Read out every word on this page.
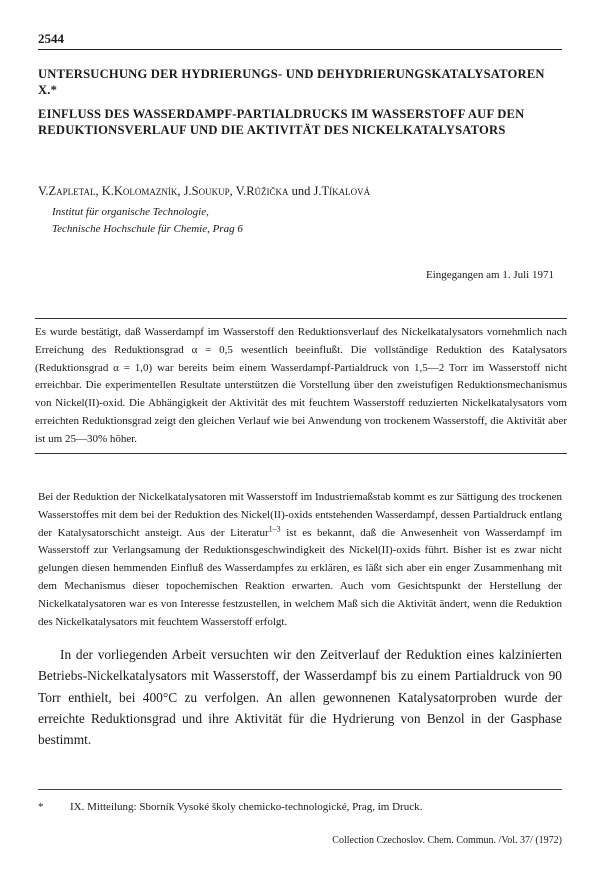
2544
UNTERSUCHUNG DER HYDRIERUNGS- UND DEHYDRIERUNGSKATALYSATOREN X.*
EINFLUSS DES WASSERDAMPF-PARTIALDRUCKS IM WASSERSTOFF AUF DEN REDUKTIONSVERLAUF UND DIE AKTIVITÄT DES NICKELKATALYSATORS
V.Zapletal, K.Kolomazník, J.Soukup, V.Růžička und J.Tíkalová
Institut für organische Technologie,
Technische Hochschule für Chemie, Prag 6
Eingegangen am 1. Juli 1971

Es wurde bestätigt, daß Wasserdampf im Wasserstoff den Reduktionsverlauf des Nickelkatalysators vornehmlich nach Erreichung des Reduktionsgrad α = 0,5 wesentlich beeinflußt. Die vollständige Reduktion des Katalysators (Reduktionsgrad α = 1,0) war bereits beim einem Wasserdampf-Partialdruck von 1,5—2 Torr im Wasserstoff nicht erreichbar. Die experimentellen Resultate unterstützen die Vorstellung über den zweistufigen Reduktionsmechanismus von Nickel(II)-oxid. Die Abhängigkeit der Aktivität des mit feuchtem Wasserstoff reduzierten Nickelkatalysators vom erreichten Reduktionsgrad zeigt den gleichen Verlauf wie bei Anwendung von trockenem Wasserstoff, die Aktivität aber ist um 25—30% höher.

Bei der Reduktion der Nickelkatalysatoren mit Wasserstoff im Industriemaßstab kommt es zur Sättigung des trockenen Wasserstoffes mit dem bei der Reduktion des Nickel(II)-oxids entstehenden Wasserdampf, dessen Partialdruck entlang der Katalysatorschicht ansteigt. Aus der Literatur$^{1-3}$ ist es bekannt, daß die Anwesenheit von Wasserdampf im Wasserstoff zur Verlangsamung der Reduktionsgeschwindigkeit des Nickel(II)-oxids führt. Bisher ist es zwar nicht gelungen diesen hemmenden Einfluß des Wasserdampfes zu erklären, es läßt sich aber ein enger Zusammenhang mit dem Mechanismus dieser topochemischen Reaktion erwarten. Auch vom Gesichtspunkt der Herstellung der Nickelkatalysatoren war es von Interesse festzustellen, in welchem Maß sich die Aktivität ändert, wenn die Reduktion des Nickelkatalysators mit feuchtem Wasserstoff erfolgt.

In der vorliegenden Arbeit versuchten wir den Zeitverlauf der Reduktion eines kalzinierten Betriebs-Nickelkatalysators mit Wasserstoff, der Wasserdampf bis zu einem Partialdruck von 90 Torr enthielt, bei 400°C zu verfolgen. An allen gewonnenen Katalysatorproben wurde der erreichte Reduktionsgrad und ihre Aktivität für die Hydrierung von Benzol in der Gasphase bestimmt.

* IX. Mitteilung: Sborník Vysoké školy chemicko-technologické, Prag, im Druck.
Collection Czechoslov. Chem. Commun. /Vol. 37/ (1972)
